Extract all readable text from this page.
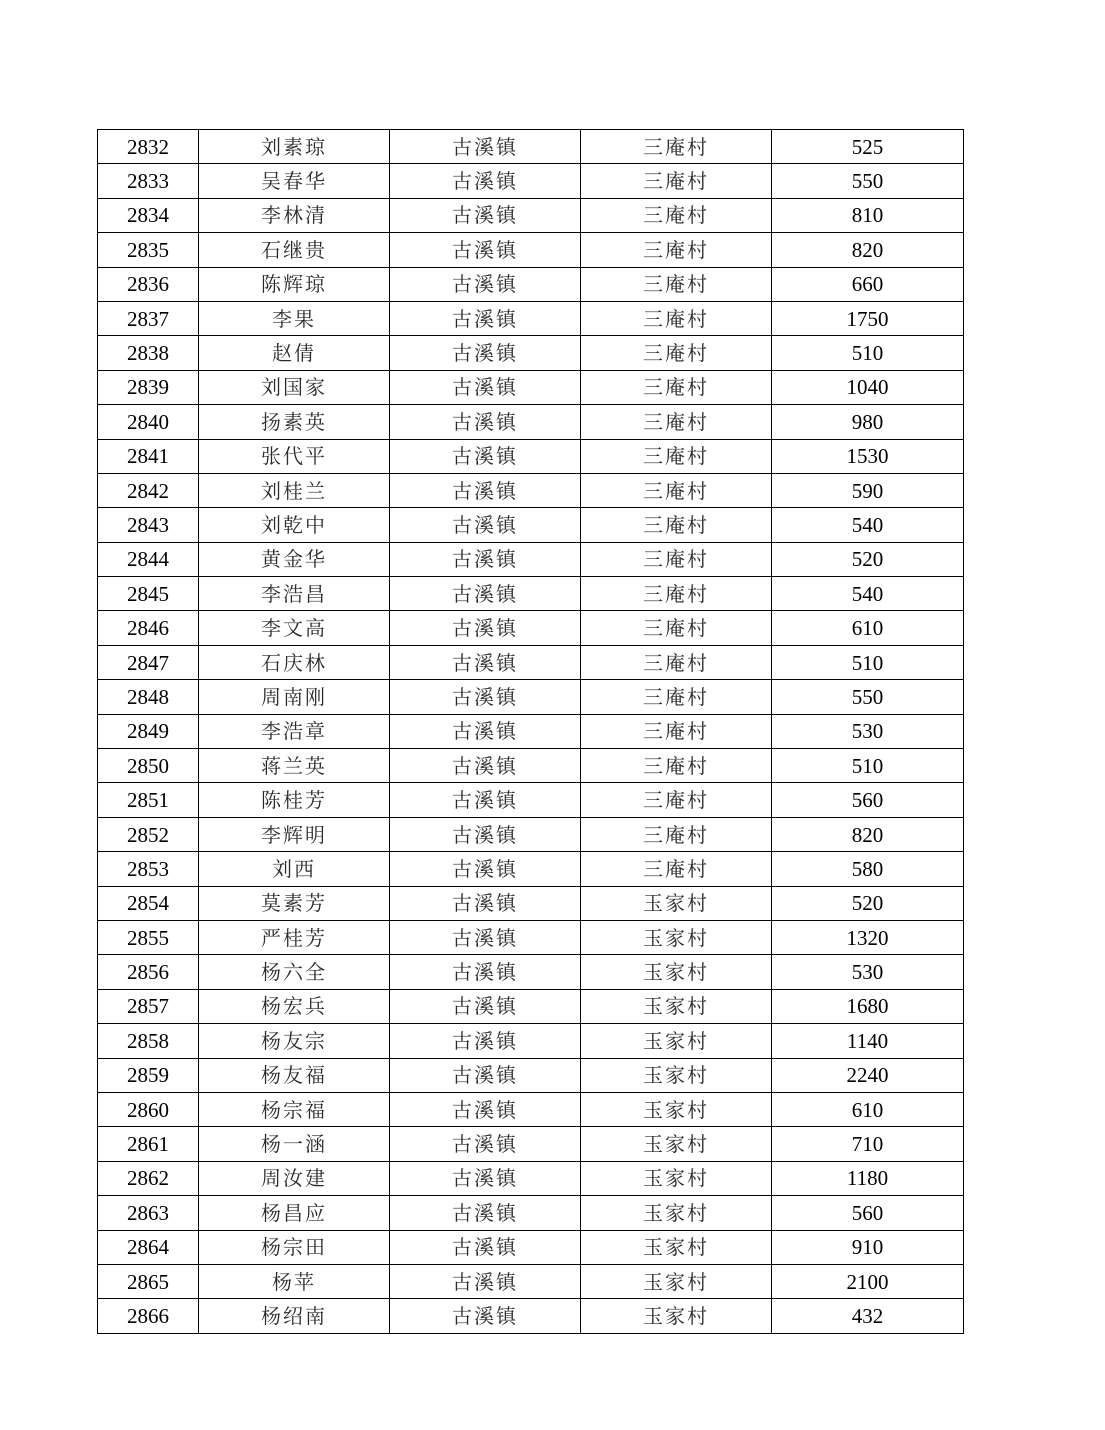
2832	刘素琼	古溪镇	三庵村	525
2833	吴春华	古溪镇	三庵村	550
2834	李林清	古溪镇	三庵村	810
2835	石继贵	古溪镇	三庵村	820
2836	陈辉琼	古溪镇	三庵村	660
2837	李果	古溪镇	三庵村	1750
2838	赵倩	古溪镇	三庵村	510
2839	刘国家	古溪镇	三庵村	1040
2840	扬素英	古溪镇	三庵村	980
2841	张代平	古溪镇	三庵村	1530
2842	刘桂兰	古溪镇	三庵村	590
2843	刘乾中	古溪镇	三庵村	540
2844	黄金华	古溪镇	三庵村	520
2845	李浩昌	古溪镇	三庵村	540
2846	李文高	古溪镇	三庵村	610
2847	石庆林	古溪镇	三庵村	510
2848	周南刚	古溪镇	三庵村	550
2849	李浩章	古溪镇	三庵村	530
2850	蒋兰英	古溪镇	三庵村	510
2851	陈桂芳	古溪镇	三庵村	560
2852	李辉明	古溪镇	三庵村	820
2853	刘西	古溪镇	三庵村	580
2854	莫素芳	古溪镇	玉家村	520
2855	严桂芳	古溪镇	玉家村	1320
2856	杨六全	古溪镇	玉家村	530
2857	杨宏兵	古溪镇	玉家村	1680
2858	杨友宗	古溪镇	玉家村	1140
2859	杨友福	古溪镇	玉家村	2240
2860	杨宗福	古溪镇	玉家村	610
2861	杨一涵	古溪镇	玉家村	710
2862	周汝建	古溪镇	玉家村	1180
2863	杨昌应	古溪镇	玉家村	560
2864	杨宗田	古溪镇	玉家村	910
2865	杨苹	古溪镇	玉家村	2100
2866	杨绍南	古溪镇	玉家村	432
